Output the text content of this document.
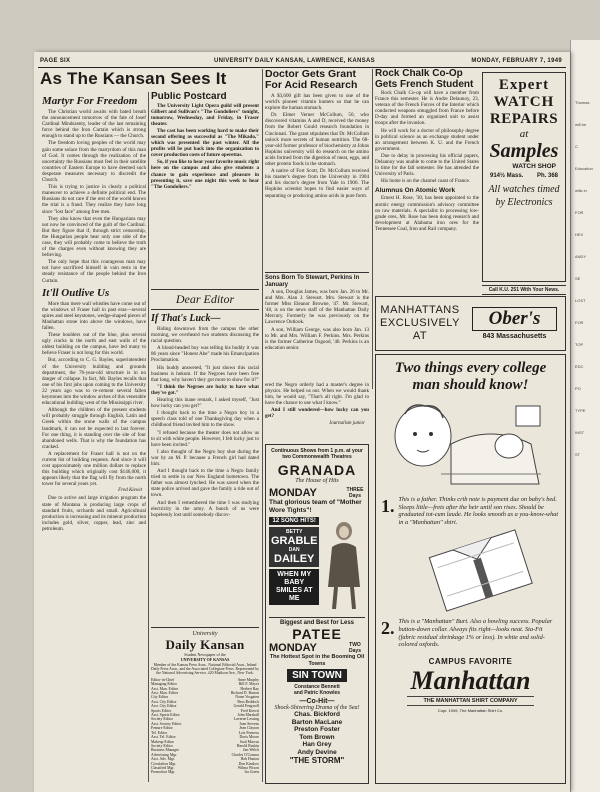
Thomas
will be
C.
Education
wills in
FOR
HEX
ANDY
SE
LOST
FOR
TOP
EDC
PO
TYPE
INST
ST
PAGE SIX	UNIVERSITY DAILY KANSAN, LAWRENCE, KANSAS	MONDAY, FEBRUARY 7, 1949
As The Kansan Sees It
Martyr For Freedom

The Christian world awaits with bated breath the announcement tomorrow of the fate of Josef Cardinal Mindszenty, leader of the last remaining force behind the Iron Curtain which is strong enough to stand up to the Russians — the Church.

The freedom loving peoples of the world may gain some solace from the martyrdom of this man of God. It comes through the realization of the uncertainty the Russians must feel in their satellite countries of Eastern Europe to have deemed such desperate measures necessary to discredit the Church.

This is trying to justice in clearly a political maneuver to achieve a definite political end. The Russians do not care if the rest of the world knows the trial is a fraud. They realize they have long since "lost face" among free men.

They also know that even the Hungarians may not now be convinced of the guilt of the Cardinal. But they figure that if, through strict censorship, the Hungarian people hear only one side of the case, they will probably come to believe the truth of the charges even without knowing they are believing.

The only hope that this courageous man may not have sacrificed himself in vain rests in the steady resistance of the people behind the Iron Curtain.

It'll Outlive Us

More than mere wall whistles have come out of the windows of Fraser hall in past eras—several spires and steel keystones, wedge-shaped pieces of Manhattan stone into above the windows, have fallen.

These boulders out of the blue, plus several ugly cracks in the north and east walls of the oldest building on the campus, have led many to believe Fraser is not long for this world.

But, according to C. G. Bayles, superintendent of the University building and grounds department, the 76-year-old structure is in no danger of collapse. In fact, Mr. Bayles recalls that one of his first jobs upon coming to the University 22 years ago was to re-cement several fallen keystones into the window arches of this venerable educational building west of the Mississippi river.

Although the children of the present students will probably struggle through English, Latin and Greek within the stone walls of the campus landmark, it can not be expected to last forever. For one thing, it is standing over the site of four abandoned wells. That is why the foundation has cracked.

A replacement for Fraser hall is not on the current list of building requests. And since it will cost approximately one million dollars to replace this building which originally cost $146,000, it appears likely that the flag will fly from the north tower for several years yet.

Fred Kiewit

Due to active and large irrigation program the state of Montana is producing large crops of standard fruits, orchards and small. Agricultural production is increasing and its mineral production includes gold, silver, copper, lead, zinc and petroleum.

Public Postcard

The University Light Opera guild will present Gilbert and Sullivan's "The Gondoliers" tonight, tomorrow, Wednesday, and Friday, in Fraser theater.

The cast has been working hard to make their second offering as successful as "The Mikado," which was presented the past winter. All the profits will be put back into the organization to cover production costs of future operettas.

So, if you like to hear your favorite music right here on the campus and also give students a chance to gain experience and pleasure in presenting it, save one night this week to hear "The Gondoliers."

Dear Editor
If That's Luck—

Riding downtown from the campus the other morning, we overheard two students discussing the racial question.

A blond-headed boy was telling his buddy it was 86 years since "Honest Abe" made his Emancipation Proclamation.

His buddy answered, "It just shows this racial business is hokum. If the Negroes have been free that long, why haven't they got more to show for it?"

"I think the Negroes are lucky to have what they've got."

Hearing this inane remark, I asked myself, "Just how lucky can you get?"

I thought back to the time a Negro boy in a speech class told of one Thanksgiving day when a childhood friend invited him to the show.

"I refused because the theater does not allow us to sit with white people. However, I felt lucky just to have been invited."

I also thought of the Negro boy shot during the war by an M. P. because a French girl had dated him.

And I thought back to the time a Negro family tried to settle in our New England hometown. The father was almost lynched. He was saved when the state police arrived and gave the family a ride out of town.

And then I remembered the time I was studying electricity in the army. A bunch of us were hopelessly lost until somebody discov-

University
Daily Kansan
Student Newspaper of the
UNIVERSITY OF KANSAS
Member of the Kansas Press Assn., National Editorial Assn., Inland Daily Press Assn., and the Associated Collegiate Press. Represented by the National Advertising Service, 420 Madison Ave., New York.
Editor-in-Chief	Anne Murphy
Managing Editor	Bill F. Mayer
Asst. Man. Editor	Herbert Ray
Asst. Man. Editor	Richard D. Burton
City Editor	Norm Vosgaten
Asst. City Editor	Bess Reddoch
Asst. City Editor	Gerald Fengwell
Sports Editor	Fred Kiewit
Asst. Sports Editor	John Marshall
Society Editor	Laverne Lessing
Asst. Society Editor	Joan Stevens
Feature Editor	Jean Clayton
Tel. Editor	Lois Fentress
Asst. Tel. Editor	Doris Moore
Makeup Editor	Saul Marcus
Society Editor	Harold Ruskin
Business Manager	Jim Welch
Advertising Mgr.	Charles O'Connor
Asst. Adv. Mgr.	Bob Huston
Circulation Mgr.	Don Kinslow
Classified Mgr.	Wilma Wixon
Promotion Mgr.	Ira Green
Doctor Gets Grant For Acid Research

A $3,600 gift has been given to one of the world's pioneer vitamin hunters so that he can explore the human stomach.

Dr. Elmer Verner McCollum, 50, who discovered vitamins A and D, received the money from the Robert Gould research foundation in Cincinnati. The grant stipulates that Dr. McCollum unlock more secrets of human nutrition. The 68-year-old former professor of biochemistry at Johns Hopkins university will do research on the amino acids formed from the digestion of meat, eggs, and other protein foods in the stomach.

A native of Fort Scott, Dr. McCollum received his master's degree from the University in 1904 and his doctor's degree from Yale in 1906. The Hopkins scientist hopes to find easier ways of separating or producing amino acids in pure form.

Sons Born To Stewart, Perkins In January

A son, Douglas James, was born Jan. 26 to Mr. and Mrs. Alan J. Stewart. Mrs. Stewart is the former Miss Eleanor Browne, '47. Mr. Stewart, '48, is on the news staff of the Manhattan Daily Mercury. Formerly he was previously on the Lawrence Outlook.

A son, William George, was also born Jan. 13 to Mr. and Mrs. William F. Perkins. Mrs. Perkins is the former Catherine Osgood, '46. Perkins is an education senior.

ered the Negro orderly had a master's degree in physics. He helped us out. When we would thank him, he would say, "That's all right. I'm glad to have the chance to use what I know."

And I still wondered—how lucky can you get?

Journalism junior
Continuous Shows from 1 p.m. at your two Commonwealth Theatres
GRANADA
The House of Hits
MONDAY	THREE Days
That glorious team of "Mother Wore Tights"!
12 SONG HITS!
BETTY
GRABLE
DAN
DAILEY
WHEN MY BABY SMILES AT ME
Biggest and Best for Less
PATEE
MONDAY	TWO Days
The Hottest Spot in the Booming Oil Towns
SIN TOWN
Constance Bennett
and Patric Knowles
—Co-Hit—
Shock-Shivering Drama of the Sea!
Chas. Bickford
Barton MacLane
Preston Foster
Tom Brown
Han Grey
Andy Devine
"THE STORM"
Rock Chalk Co-Op Gets French Student

Rock Chalk Co-op will have a member from France this semester. He is Andre Delaunoy, 23, veteran of the French Forces of the Interior which conducted weapons smuggled from France before D-day and formed an organized unit to assist troops after the invasion.

He will work for a doctor of philosophy degree in political science as an exchange student under an arrangement between K. U. and the French government.

Due to delay in processing his official papers, Delaunoy was unable to come to the United States in time for the fall semester. He has attended the University of Paris.

His home is on the channel coast of France.

Alumnus On Atomic Work

Ernest H. Rose, '30, has been appointed to the atomic energy commission's advisory committee on raw materials. A specialist in processing low-grade ores, Mr. Rose has been doing research and development at Alabama iron ores for the Tennessee Coal, Iron and Rail company.

Expert
WATCH
REPAIRS
at
Samples
WATCH SHOP
914½ Mass. Ph. 368
All watches timed by Electronics
Call K.U. 251 With Your News.
MANHATTANS EXCLUSIVELY AT
Ober's
843 Massachusetts
Two things every college man should know!
1. This is a father. Thinks crib note is payment due on baby's bed. Sleeps little—frets after the heir until son rises. Should be graduated tot-cum laude. He looks smooth as a you-know-what in a "Manhattan" shirt.
2. This is a "Manhattan" Burt. Also a howling success. Popular button-down collar. Always fits right—looks neat. Sta-Fit (fabric residual shrinkage 1% or less). In white and solid-colored oxfords.
CAMPUS FAVORITE
Manhattan
THE MANHATTAN SHIRT COMPANY
Copr. 1949, The Manhattan Shirt Co.
